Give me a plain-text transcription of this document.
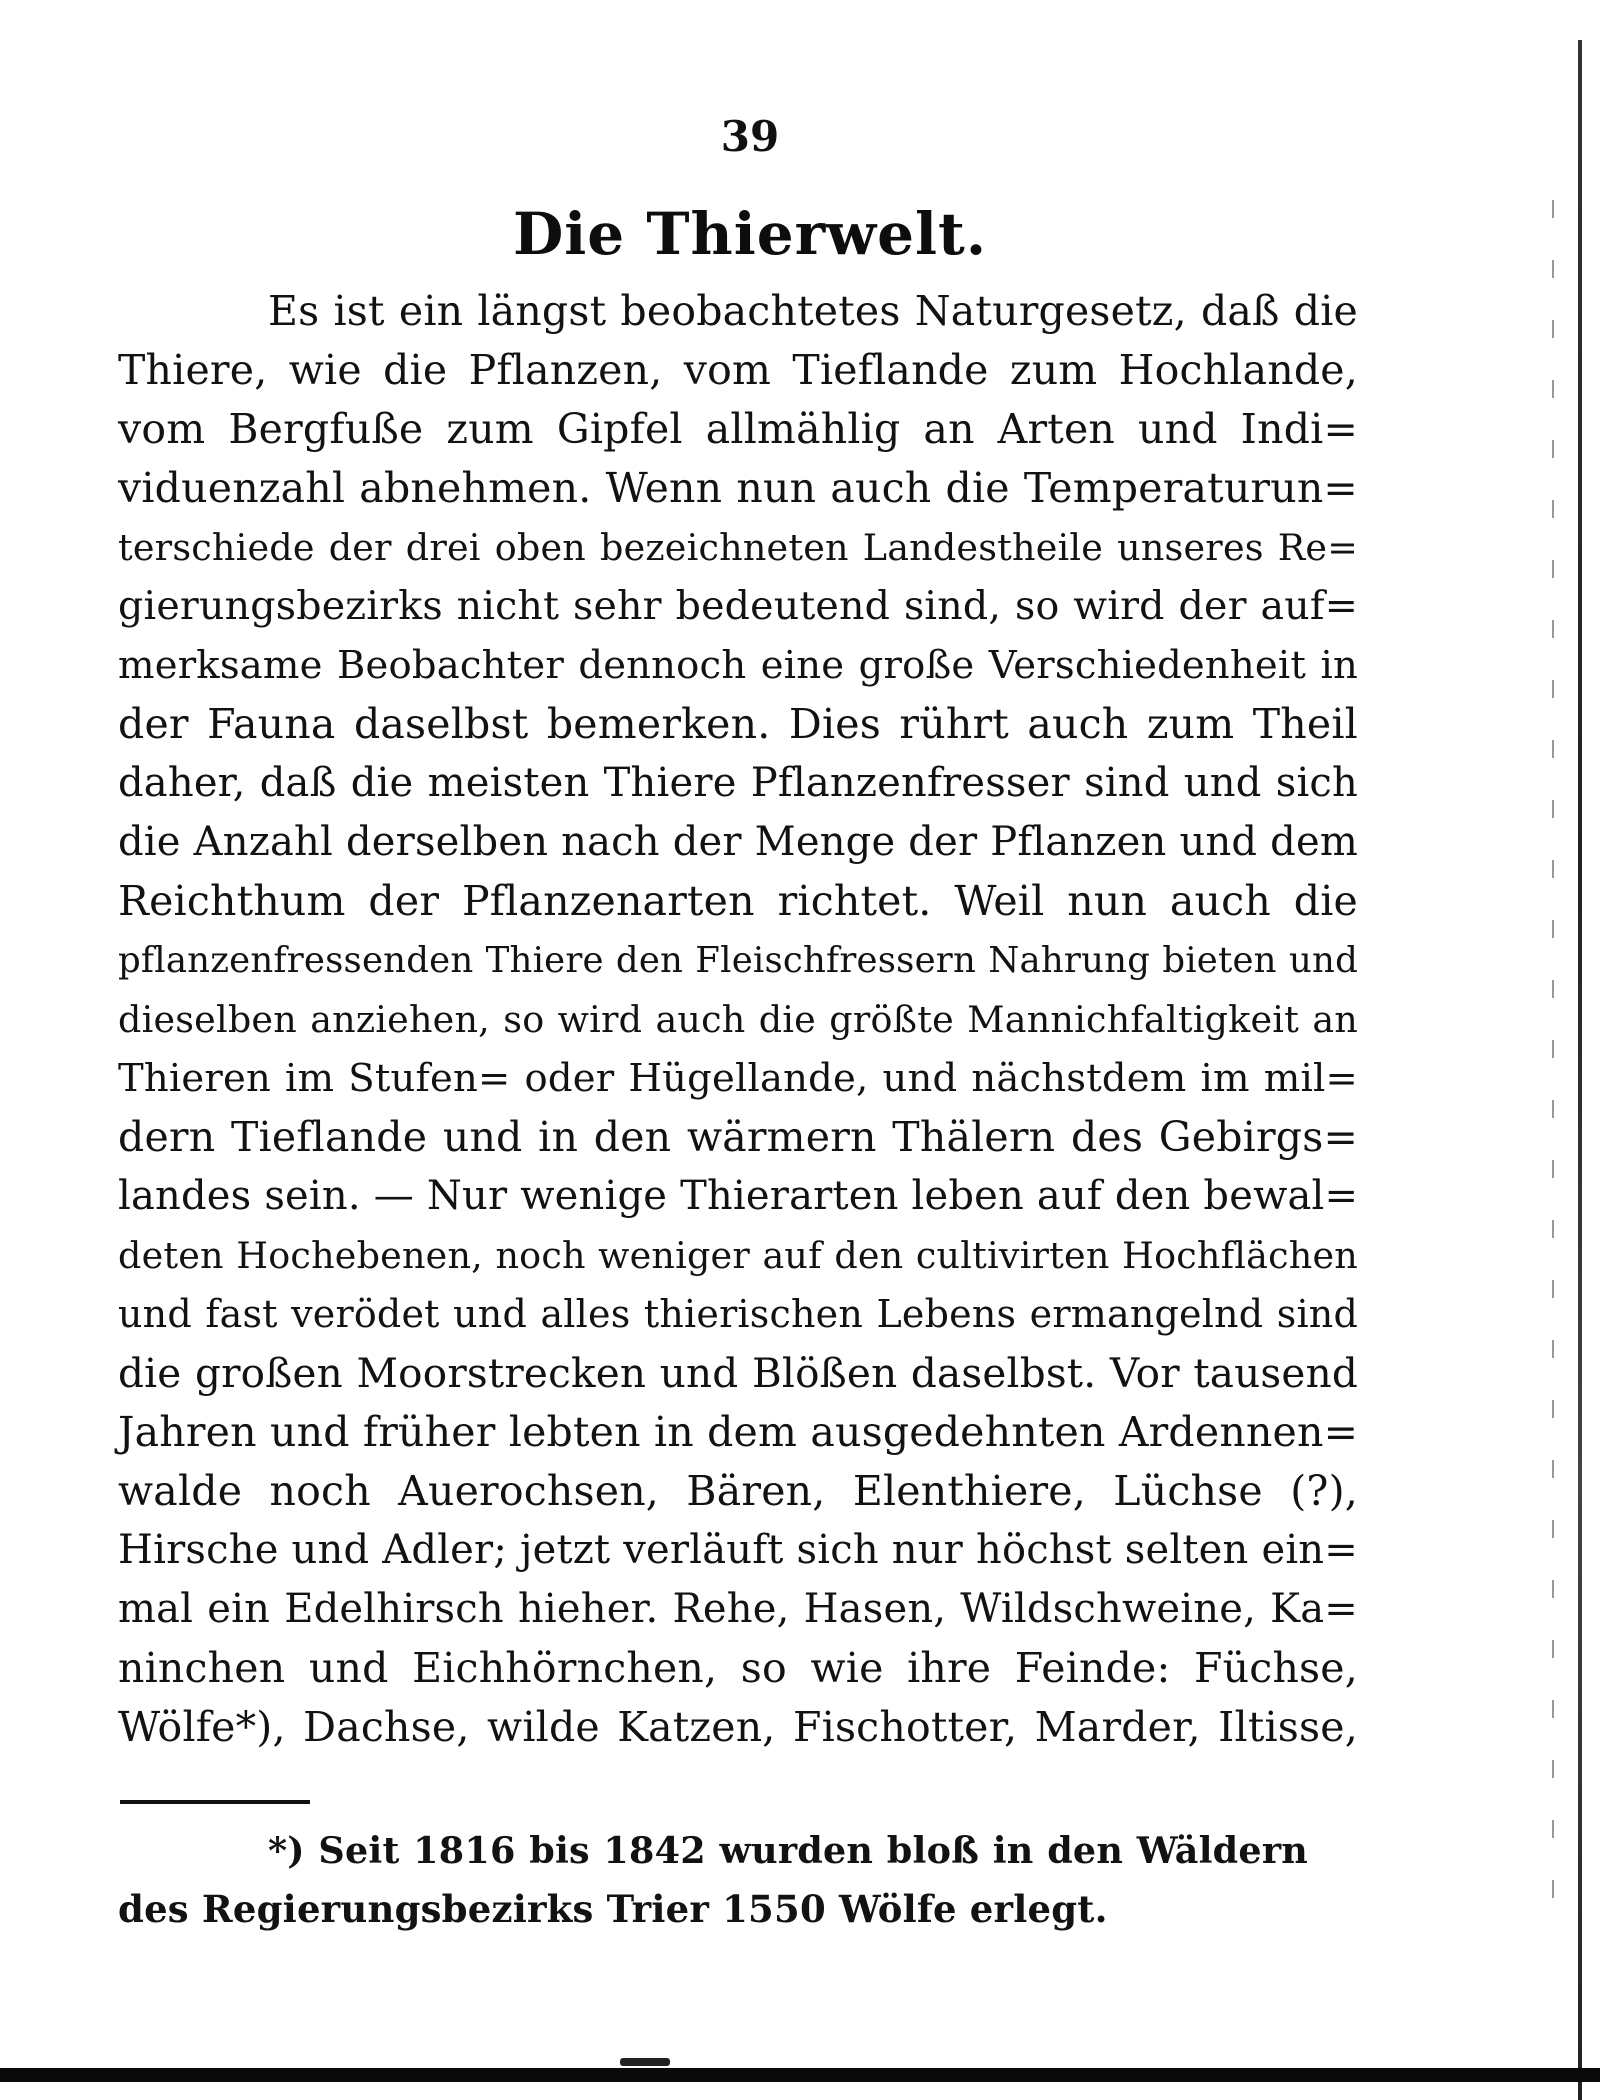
39
Die Thierwelt.
Es ist ein längst beobachtetes Naturgesetz, daß die
Thiere, wie die Pflanzen, vom Tieflande zum Hochlande,
vom Bergfuße zum Gipfel allmählig an Arten und Indi=
viduenzahl abnehmen. Wenn nun auch die Temperaturun=
terschiede der drei oben bezeichneten Landestheile unseres Re=
gierungsbezirks nicht sehr bedeutend sind, so wird der auf=
merksame Beobachter dennoch eine große Verschiedenheit in
der Fauna daselbst bemerken. Dies rührt auch zum Theil
daher, daß die meisten Thiere Pflanzenfresser sind und sich
die Anzahl derselben nach der Menge der Pflanzen und dem
Reichthum der Pflanzenarten richtet. Weil nun auch die
pflanzenfressenden Thiere den Fleischfressern Nahrung bieten und
dieselben anziehen, so wird auch die größte Mannichfaltigkeit an
Thieren im Stufen= oder Hügellande, und nächstdem im mil=
dern Tieflande und in den wärmern Thälern des Gebirgs=
landes sein. — Nur wenige Thierarten leben auf den bewal=
deten Hochebenen, noch weniger auf den cultivirten Hochflächen
und fast verödet und alles thierischen Lebens ermangelnd sind
die großen Moorstrecken und Blößen daselbst. Vor tausend
Jahren und früher lebten in dem ausgedehnten Ardennen=
walde noch Auerochsen, Bären, Elenthiere, Lüchse (?),
Hirsche und Adler; jetzt verläuft sich nur höchst selten ein=
mal ein Edelhirsch hieher. Rehe, Hasen, Wildschweine, Ka=
ninchen und Eichhörnchen, so wie ihre Feinde: Füchse,
Wölfe*), Dachse, wilde Katzen, Fischotter, Marder, Iltisse,
*) Seit 1816 bis 1842 wurden bloß in den Wäldern
des Regierungsbezirks Trier 1550 Wölfe erlegt.
